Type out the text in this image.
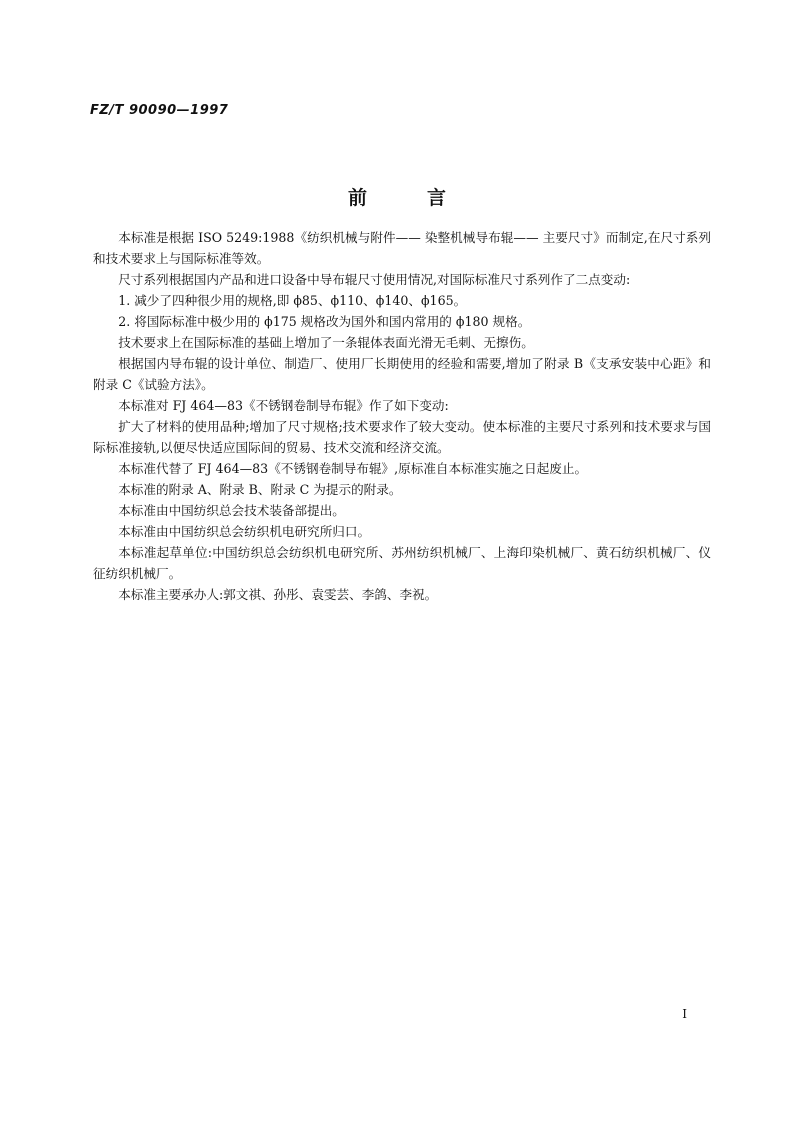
FZ/T 90090—1997
前	言

本标准是根据 ISO 5249:1988《纺织机械与附件—— 染整机械导布辊—— 主要尺寸》而制定,在尺寸系列和技术要求上与国际标准等效。

尺寸系列根据国内产品和进口设备中导布辊尺寸使用情况,对国际标准尺寸系列作了二点变动:

1. 减少了四种很少用的规格,即 ϕ85、ϕ110、ϕ140、ϕ165。

2. 将国际标准中极少用的 ϕ175 规格改为国外和国内常用的 ϕ180 规格。

技术要求上在国际标准的基础上增加了一条辊体表面光滑无毛刺、无擦伤。

根据国内导布辊的设计单位、制造厂、使用厂长期使用的经验和需要,增加了附录 B《支承安装中心距》和附录 C《试验方法》。

本标准对 FJ 464—83《不锈钢卷制导布辊》作了如下变动:

扩大了材料的使用品种;增加了尺寸规格;技术要求作了较大变动。使本标准的主要尺寸系列和技术要求与国际标准接轨,以便尽快适应国际间的贸易、技术交流和经济交流。

本标准代替了 FJ 464—83《不锈钢卷制导布辊》,原标准自本标准实施之日起废止。

本标准的附录 A、附录 B、附录 C 为提示的附录。

本标准由中国纺织总会技术装备部提出。

本标准由中国纺织总会纺织机电研究所归口。

本标准起草单位:中国纺织总会纺织机电研究所、苏州纺织机械厂、上海印染机械厂、黄石纺织机械厂、仪征纺织机械厂。

本标准主要承办人:郭文祺、孙彤、袁雯芸、李鸽、李祝。

I
